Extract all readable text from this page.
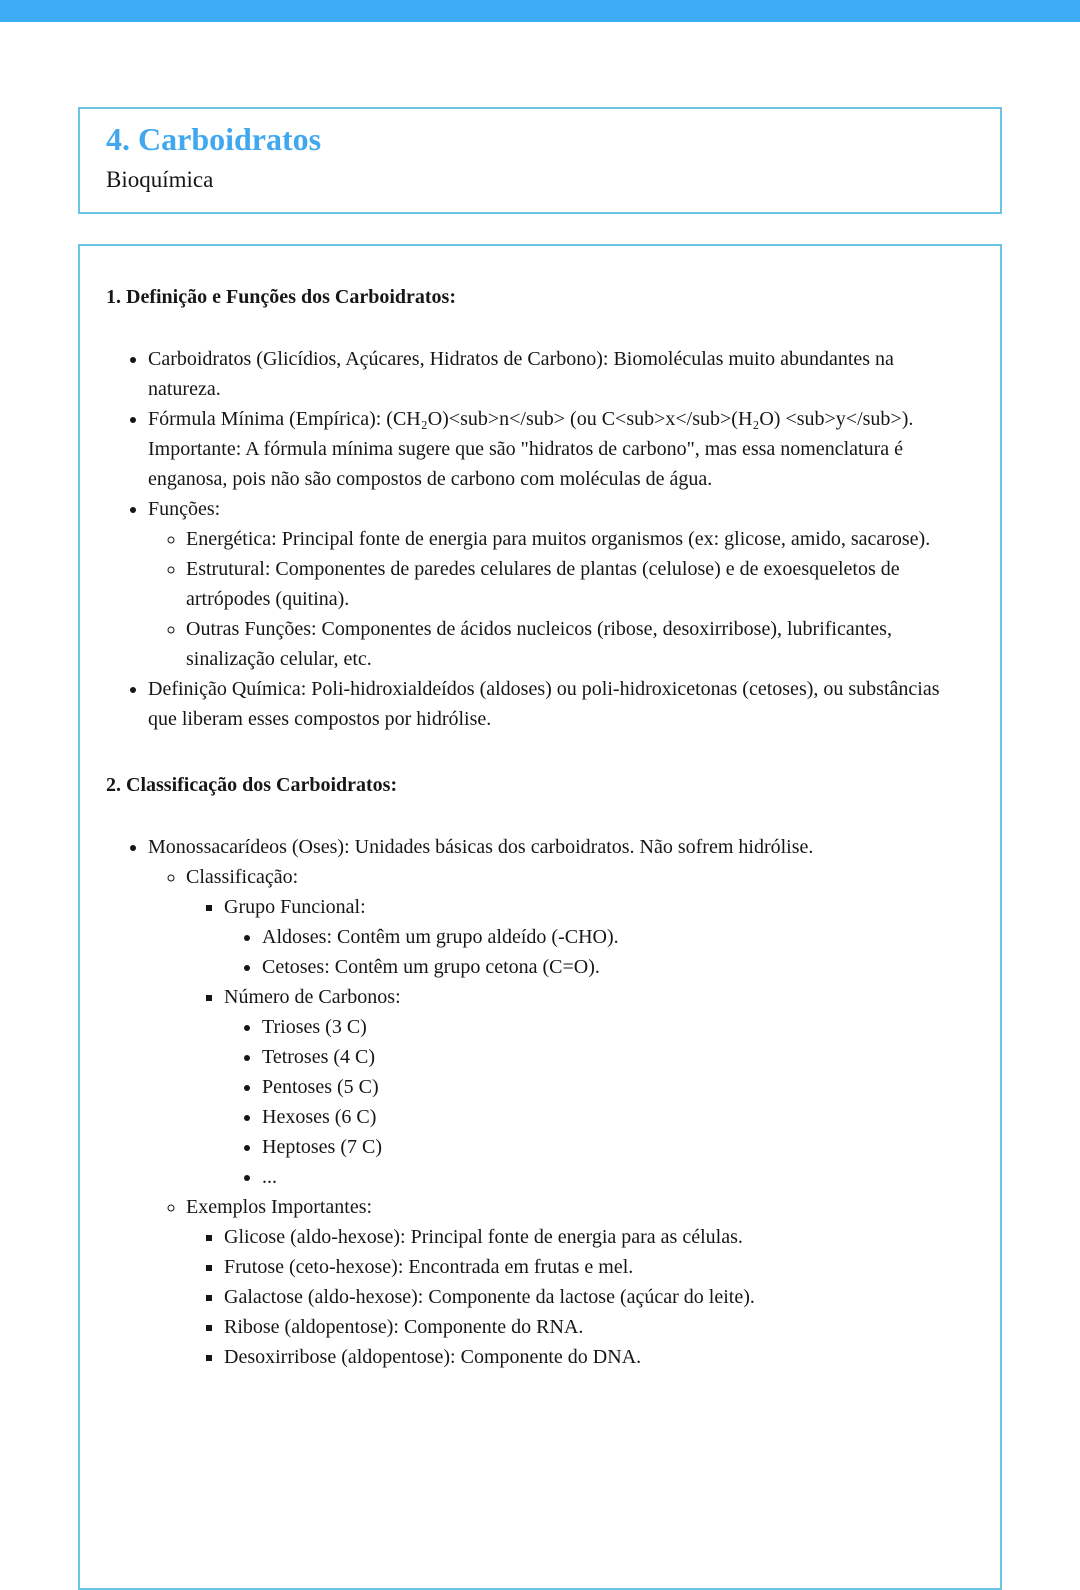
4. Carboidratos
Bioquímica
1. Definição e Funções dos Carboidratos:
• Carboidratos (Glicídios, Açúcares, Hidratos de Carbono): Biomoléculas muito abundantes na natureza.
• Fórmula Mínima (Empírica): (CH₂O)<sub>n</sub> (ou C<sub>x</sub>(H₂O) <sub>y</sub>). Importante: A fórmula mínima sugere que são "hidratos de carbono", mas essa nomenclatura é enganosa, pois não são compostos de carbono com moléculas de água.
• Funções:
◦ Energética: Principal fonte de energia para muitos organismos (ex: glicose, amido, sacarose).
◦ Estrutural: Componentes de paredes celulares de plantas (celulose) e de exoesqueletos de artrópodes (quitina).
◦ Outras Funções: Componentes de ácidos nucleicos (ribose, desoxirribose), lubrificantes, sinalização celular, etc.
• Definição Química: Poli-hidroxialdeídos (aldoses) ou poli-hidroxicetonas (cetoses), ou substâncias que liberam esses compostos por hidrólise.
2. Classificação dos Carboidratos:
• Monossacarídeos (Oses): Unidades básicas dos carboidratos. Não sofrem hidrólise.
◦ Classificação:
▪ Grupo Funcional:
• Aldoses: Contêm um grupo aldeído (-CHO).
• Cetoses: Contêm um grupo cetona (C=O).
▪ Número de Carbonos:
• Trioses (3 C)
• Tetroses (4 C)
• Pentoses (5 C)
• Hexoses (6 C)
• Heptoses (7 C)
• ...
◦ Exemplos Importantes:
▪ Glicose (aldo-hexose): Principal fonte de energia para as células.
▪ Frutose (ceto-hexose): Encontrada em frutas e mel.
▪ Galactose (aldo-hexose): Componente da lactose (açúcar do leite).
▪ Ribose (aldopentose): Componente do RNA.
▪ Desoxirribose (aldopentose): Componente do DNA.
